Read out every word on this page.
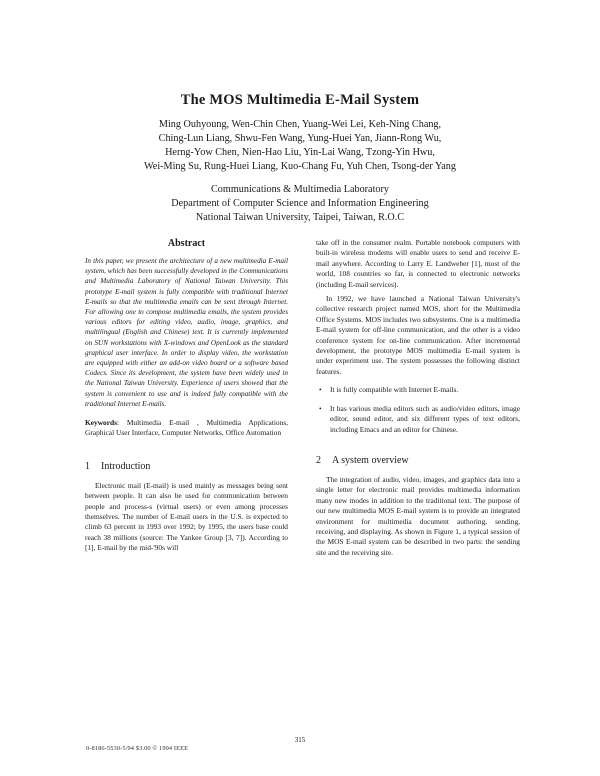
The MOS Multimedia E-Mail System
Ming Ouhyoung, Wen-Chin Chen, Yuang-Wei Lei, Keh-Ning Chang,
Ching-Lun Liang, Shwu-Fen Wang, Yung-Huei Yan, Jiann-Rong Wu,
Herng-Yow Chen, Nien-Hao Liu, Yin-Lai Wang, Tzong-Yin Hwu,
Wei-Ming Su, Rung-Huei Liang, Kuo-Chang Fu, Yuh Chen, Tsong-der Yang
Communications & Multimedia Laboratory
Department of Computer Science and Information Engineering
National Taiwan University, Taipei, Taiwan, R.O.C
Abstract

In this paper, we present the architecture of a new multimedia E-mail system, which has been successfully developed in the Communications and Multimedia Laboratory of National Taiwan University. This prototype E-mail system is fully compatible with traditional Internet E-mails so that the multimedia emails can be sent through Internet. For allowing one to compose multimedia emails, the system provides various editors for editing video, audio, image, graphics, and multilingual (English and Chinese) text. It is currently implemented on SUN workstations with X-windows and OpenLook as the standard graphical user interface. In order to display video, the workstation are equipped with either an add-on video board or a software based Codecs. Since its development, the system have been widely used in the National Taiwan University. Experience of users showed that the system is convenient to use and is indeed fully compatible with the traditional Internet E-mails.

Keywords: Multimedia E-mail , Multimedia Applications, Graphical User Interface, Computer Networks, Office Automation

1 Introduction

Electronic mail (E-mail) is used mainly as messages being sent between people. It can also be used for communication between people and process-s (virtual users) or even among processes themselves. The number of E-mail users in the U.S. is expected to climb 63 percent in 1993 over 1992; by 1995, the users base could reach 38 millions (source: The Yankee Group [3, 7]). According to [1], E-mail by the mid-'90s will

take off in the consumer realm. Portable notebook computers with built-in wireless modems will enable users to send and receive E-mail anywhere. According to Larry E. Landweber [1], most of the world, 108 countries so far, is connected to electronic networks (including E-mail services).

In 1992, we have launched a National Taiwan University's collective research project named MOS, short for the Multimedia Office Systems. MOS includes two subsystems. One is a multimedia E-mail system for off-line communication, and the other is a video conference system for on-line communication. After incremental development, the prototype MOS multimedia E-mail system is under experiment use. The system possesses the following distinct features.

• It is fully compatible with Internet E-mails.
• It has various media editors such as audio/video editors, image editor, sound editor, and six different types of text editors, including Emacs and an editor for Chinese.
2 A system overview

The integration of audio, video, images, and graphics data into a single letter for electronic mail provides multimedia information many new modes in addition to the traditional text. The purpose of our new multimedia MOS E-mail system is to provide an integrated environment for multimedia document authoring, sending, receiving, and displaying. As shown in Figure 1, a typical session of the MOS E-mail system can be described in two parts: the sending site and the receiving site.

315
0-8186-5530-5/94 $3.00 © 1994 IEEE
